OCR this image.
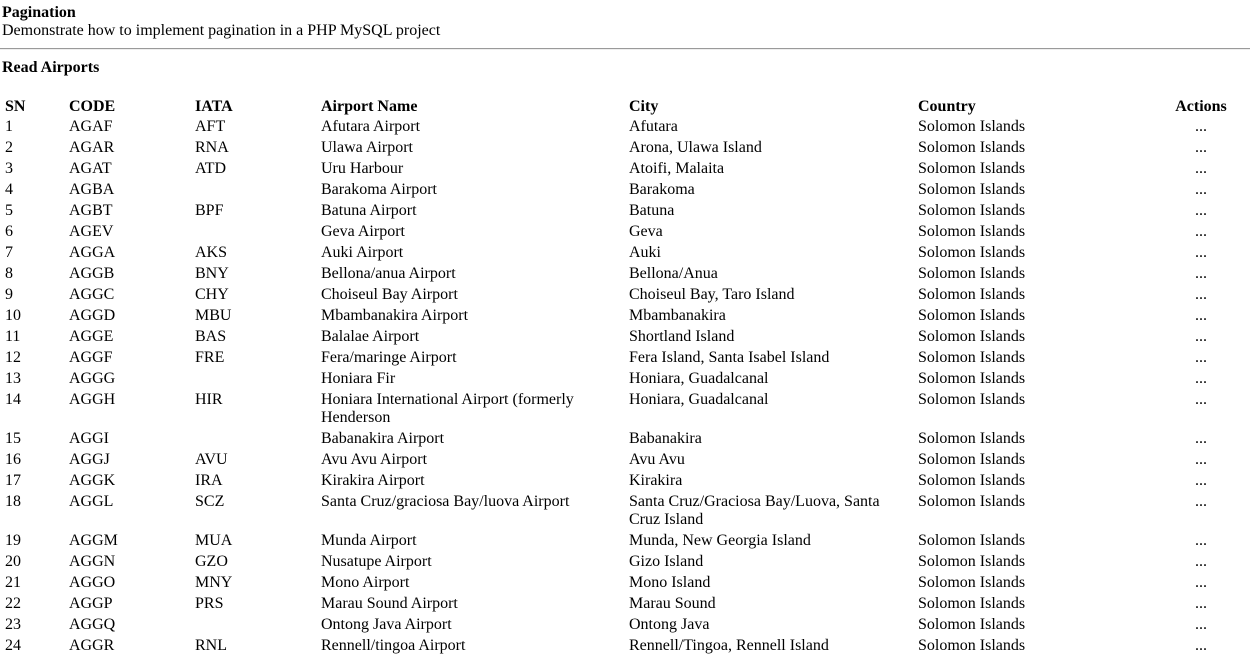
Pagination
Demonstrate how to implement pagination in a PHP MySQL project
Read Airports
SN	CODE	IATA	Airport Name	City	Country	Actions
1	AGAF	AFT	Afutara Airport	Afutara	Solomon Islands	...
2	AGAR	RNA	Ulawa Airport	Arona, Ulawa Island	Solomon Islands	...
3	AGAT	ATD	Uru Harbour	Atoifi, Malaita	Solomon Islands	...
4	AGBA		Barakoma Airport	Barakoma	Solomon Islands	...
5	AGBT	BPF	Batuna Airport	Batuna	Solomon Islands	...
6	AGEV		Geva Airport	Geva	Solomon Islands	...
7	AGGA	AKS	Auki Airport	Auki	Solomon Islands	...
8	AGGB	BNY	Bellona/anua Airport	Bellona/Anua	Solomon Islands	...
9	AGGC	CHY	Choiseul Bay Airport	Choiseul Bay, Taro Island	Solomon Islands	...
10	AGGD	MBU	Mbambanakira Airport	Mbambanakira	Solomon Islands	...
11	AGGE	BAS	Balalae Airport	Shortland Island	Solomon Islands	...
12	AGGF	FRE	Fera/maringe Airport	Fera Island, Santa Isabel Island	Solomon Islands	...
13	AGGG		Honiara Fir	Honiara, Guadalcanal	Solomon Islands	...
14	AGGH	HIR	Honiara International Airport (formerly Henderson	Honiara, Guadalcanal	Solomon Islands	...
15	AGGI		Babanakira Airport	Babanakira	Solomon Islands	...
16	AGGJ	AVU	Avu Avu Airport	Avu Avu	Solomon Islands	...
17	AGGK	IRA	Kirakira Airport	Kirakira	Solomon Islands	...
18	AGGL	SCZ	Santa Cruz/graciosa Bay/luova Airport	Santa Cruz/Graciosa Bay/Luova, Santa Cruz Island	Solomon Islands	...
19	AGGM	MUA	Munda Airport	Munda, New Georgia Island	Solomon Islands	...
20	AGGN	GZO	Nusatupe Airport	Gizo Island	Solomon Islands	...
21	AGGO	MNY	Mono Airport	Mono Island	Solomon Islands	...
22	AGGP	PRS	Marau Sound Airport	Marau Sound	Solomon Islands	...
23	AGGQ		Ontong Java Airport	Ontong Java	Solomon Islands	...
24	AGGR	RNL	Rennell/tingoa Airport	Rennell/Tingoa, Rennell Island	Solomon Islands	...
